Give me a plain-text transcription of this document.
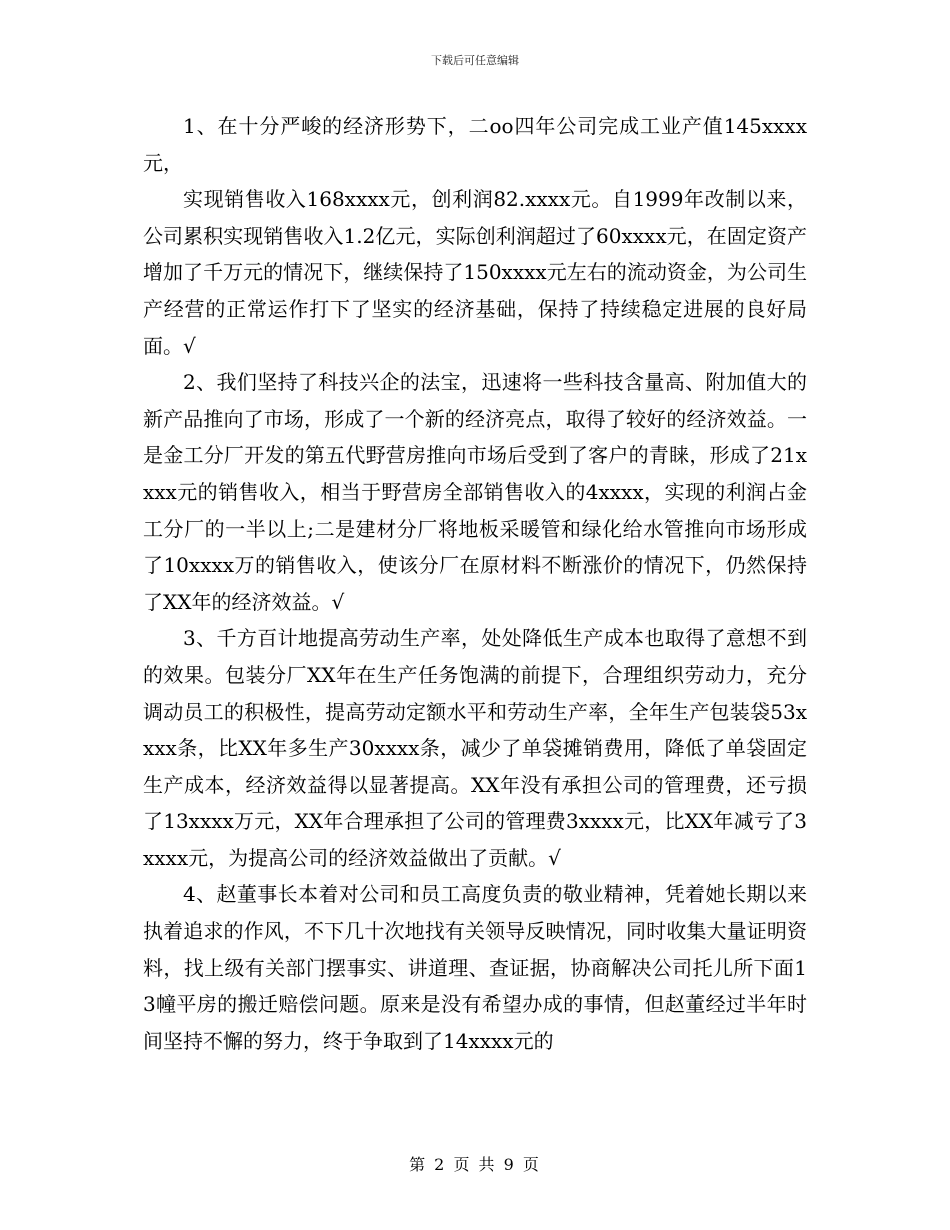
下载后可任意编辑

1、在十分严峻的经济形势下，二oo四年公司完成工业产值145xxxx元，

实现销售收入168xxxx元，创利润82.xxxx元。自1999年改制以来，公司累积实现销售收入1.2亿元，实际创利润超过了60xxxx元，在固定资产增加了千万元的情况下，继续保持了150xxxx元左右的流动资金，为公司生产经营的正常运作打下了坚实的经济基础，保持了持续稳定进展的良好局面。√

2、我们坚持了科技兴企的法宝，迅速将一些科技含量高、附加值大的新产品推向了市场，形成了一个新的经济亮点，取得了较好的经济效益。一是金工分厂开发的第五代野营房推向市场后受到了客户的青睐，形成了21xxxx元的销售收入，相当于野营房全部销售收入的4xxxx，实现的利润占金工分厂的一半以上;二是建材分厂将地板采暖管和绿化给水管推向市场形成了10xxxx万的销售收入，使该分厂在原材料不断涨价的情况下，仍然保持了XX年的经济效益。√

3、千方百计地提高劳动生产率，处处降低生产成本也取得了意想不到的效果。包装分厂XX年在生产任务饱满的前提下，合理组织劳动力，充分调动员工的积极性，提高劳动定额水平和劳动生产率，全年生产包装袋53xxxx条，比XX年多生产30xxxx条，减少了单袋摊销费用，降低了单袋固定生产成本，经济效益得以显著提高。XX年没有承担公司的管理费，还亏损了13xxxx万元，XX年合理承担了公司的管理费3xxxx元，比XX年减亏了3xxxx元，为提高公司的经济效益做出了贡献。√

4、赵董事长本着对公司和员工高度负责的敬业精神，凭着她长期以来执着追求的作风，不下几十次地找有关领导反映情况，同时收集大量证明资料，找上级有关部门摆事实、讲道理、查证据，协商解决公司托儿所下面13幢平房的搬迁赔偿问题。原来是没有希望办成的事情，但赵董经过半年时间坚持不懈的努力，终于争取到了14xxxx元的

第 2 页 共 9 页
